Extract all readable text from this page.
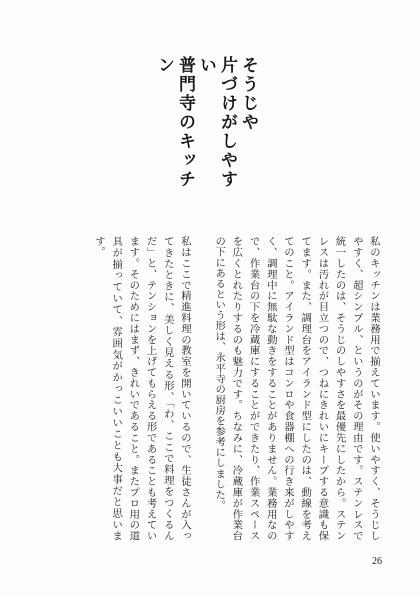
そうじや
片づけがしやすい
普門寺のキッチン

私のキッチンは業務用で揃えています。使いやすく、そうじしやすく、超シンプル、というのがその理由です。ステンレスで統一したのは、そうじのしやすさを最優先にしたから。ステンレスは汚れが目立つので、つねにきれいにキープする意識も保てます。また、調理台をアイランド型にしたのは、動線を考えてのこと。アイランド型はコンロや食器棚への行き来がしやすく、調理中に無駄な動きをすることがありません。業務用なので、作業台の下を冷蔵庫にすることができたり、作業スペースを広くとれたりするのも魅力です。ちなみに、冷蔵庫が作業台の下にあるという形は、永平寺の厨房を参考にしました。

私はここで精進料理の教室を開いているので、生徒さんが入ってきたときに、美しく見える形、「わ、ここで料理をつくるんだ」と、テンションを上げてもらえる形であることも考えています。そのためにはまず、きれいであること。またプロ用の道具が揃っていて、雰囲気がかっこいいことも大事だと思います。

26
